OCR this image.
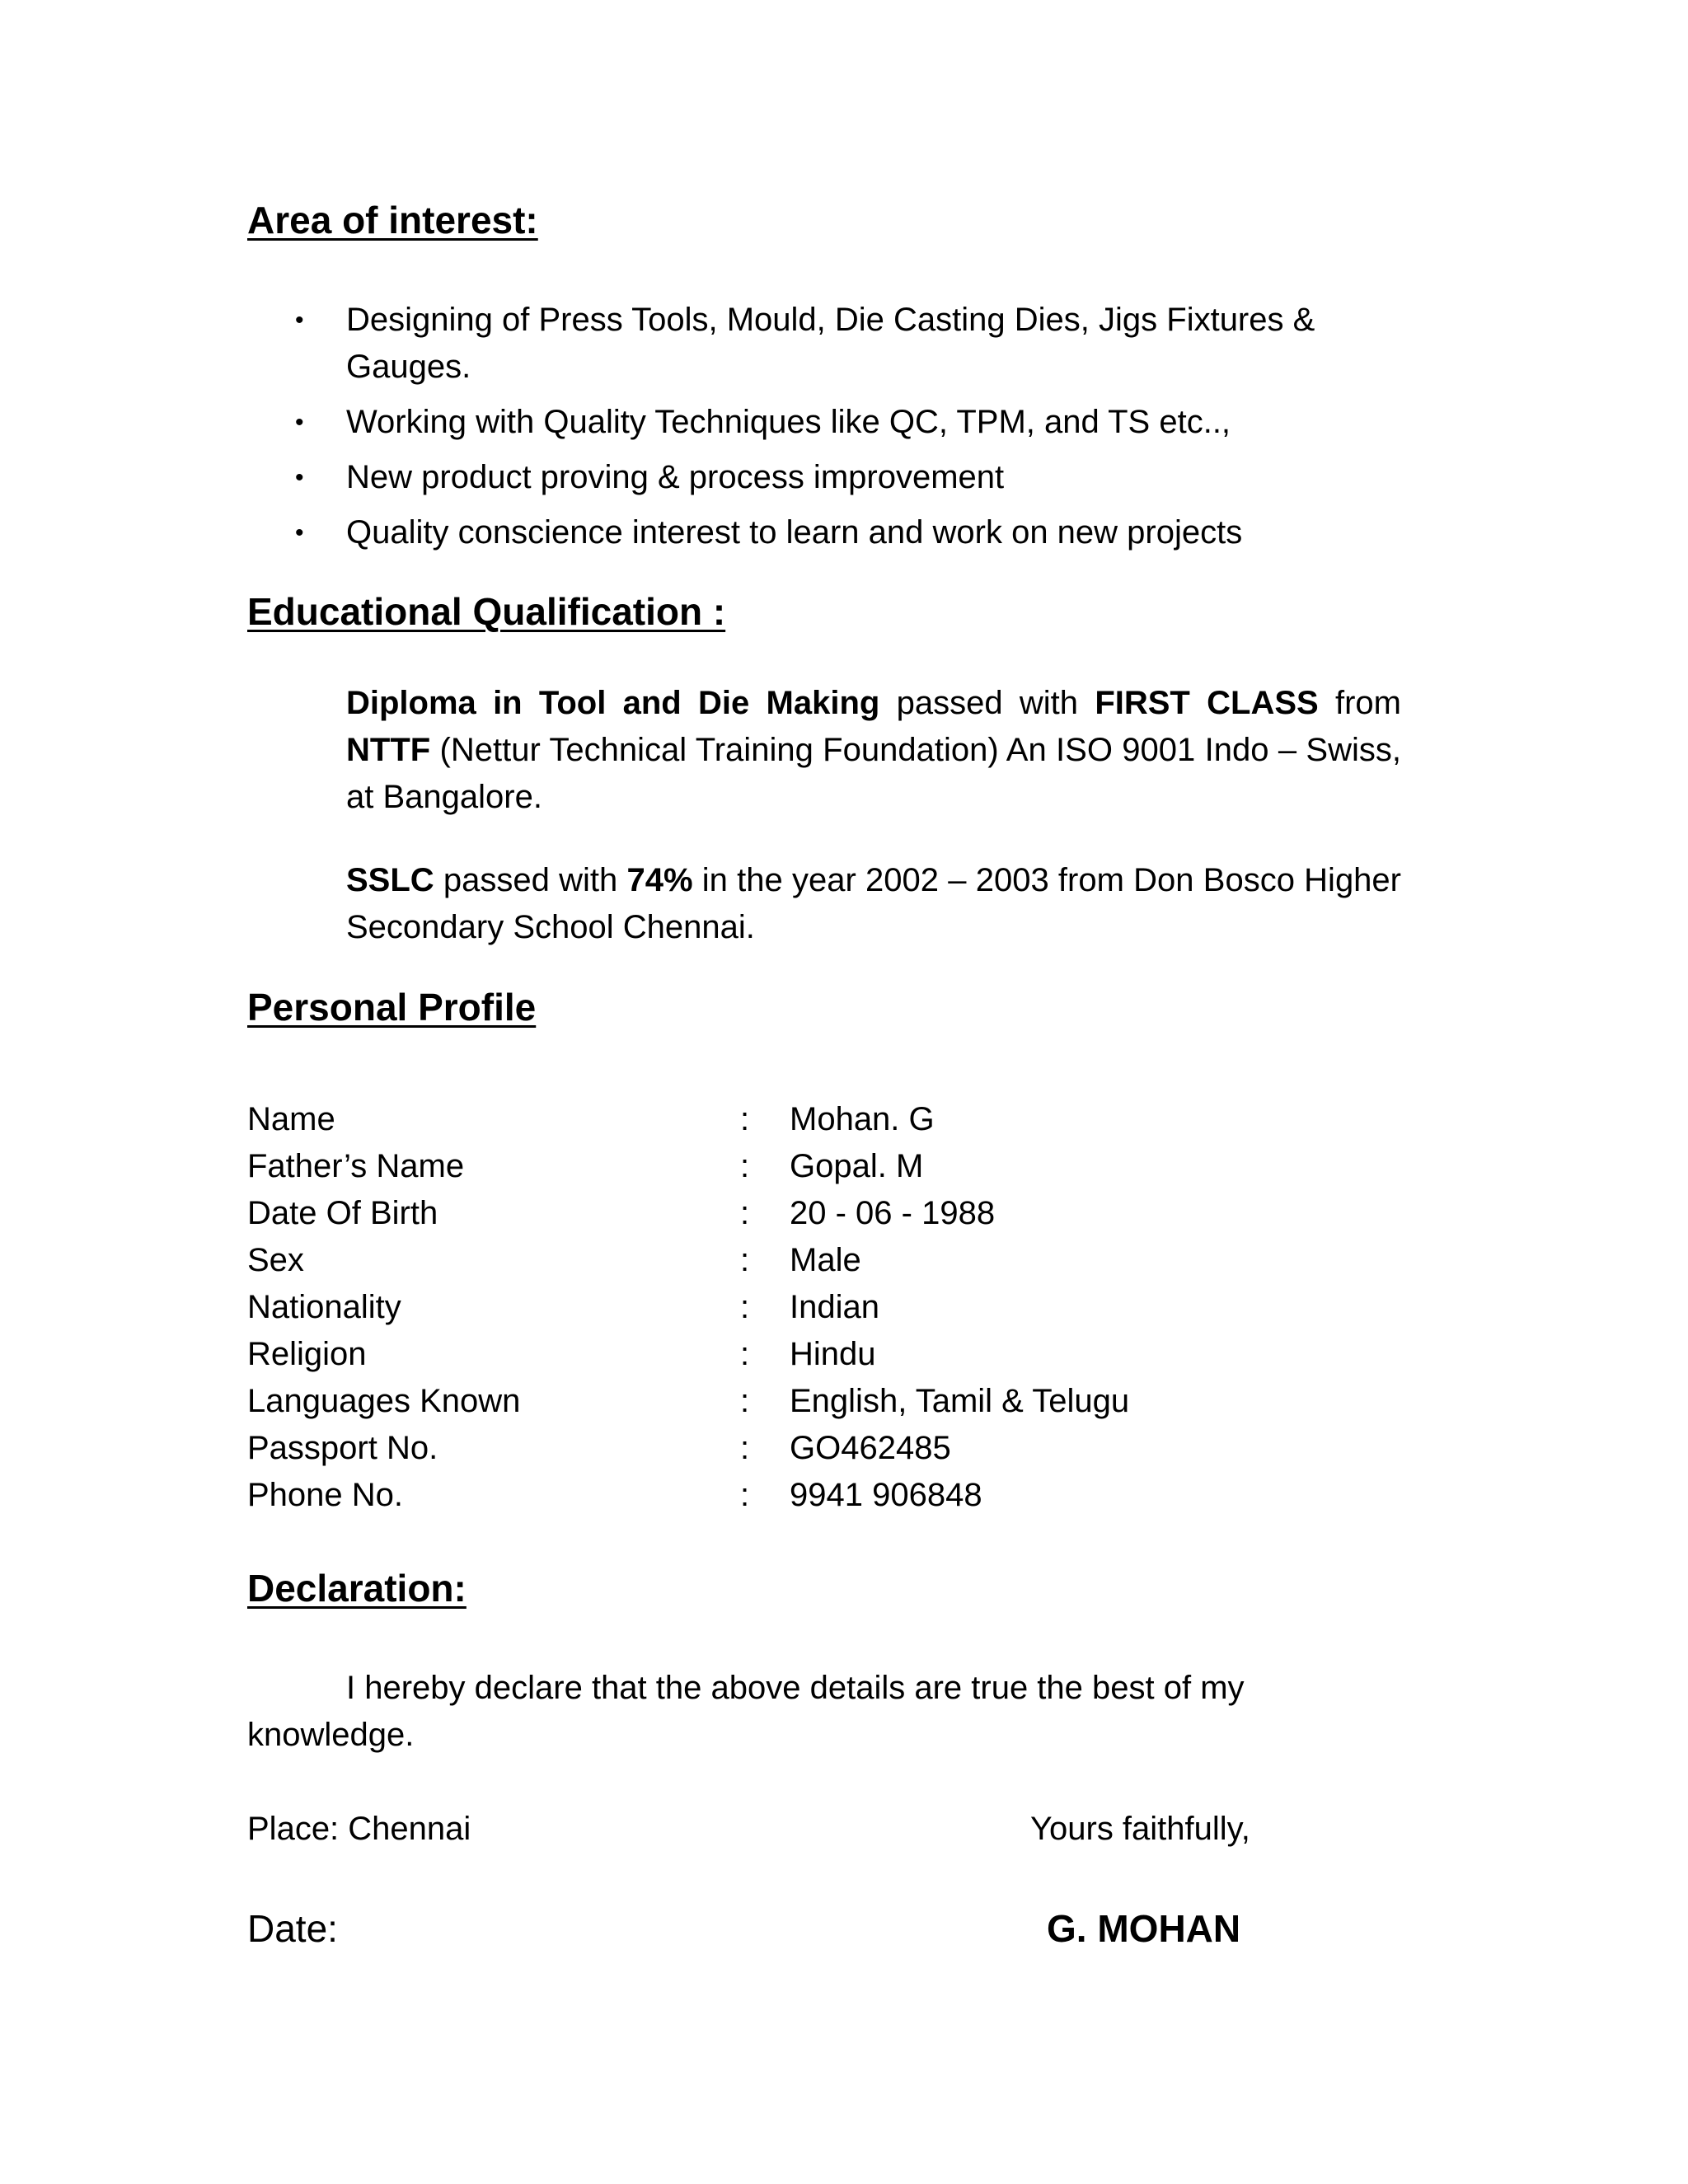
Area of interest:
• Designing of Press Tools, Mould, Die Casting Dies, Jigs Fixtures & Gauges.
• Working with Quality Techniques like QC, TPM, and TS etc..,
• New product proving & process improvement
• Quality conscience interest to learn and work on new projects
Educational Qualification :

Diploma in Tool and Die Making passed with FIRST CLASS from NTTF (Nettur Technical Training Foundation) An ISO 9001 Indo – Swiss, at Bangalore.

SSLC passed with 74% in the year 2002 – 2003 from Don Bosco Higher Secondary School Chennai.

Personal Profile
Name	: Mohan. G
Father’s Name	: Gopal. M
Date Of Birth	: 20 - 06 - 1988
Sex	: Male
Nationality	: Indian
Religion	: Hindu
Languages Known	: English, Tamil & Telugu
Passport No.	: GO462485
Phone No.	: 9941 906848
Declaration:

I hereby declare that the above details are true the best of my knowledge.

Place: Chennai	Yours faithfully,
Date:	G. MOHAN
